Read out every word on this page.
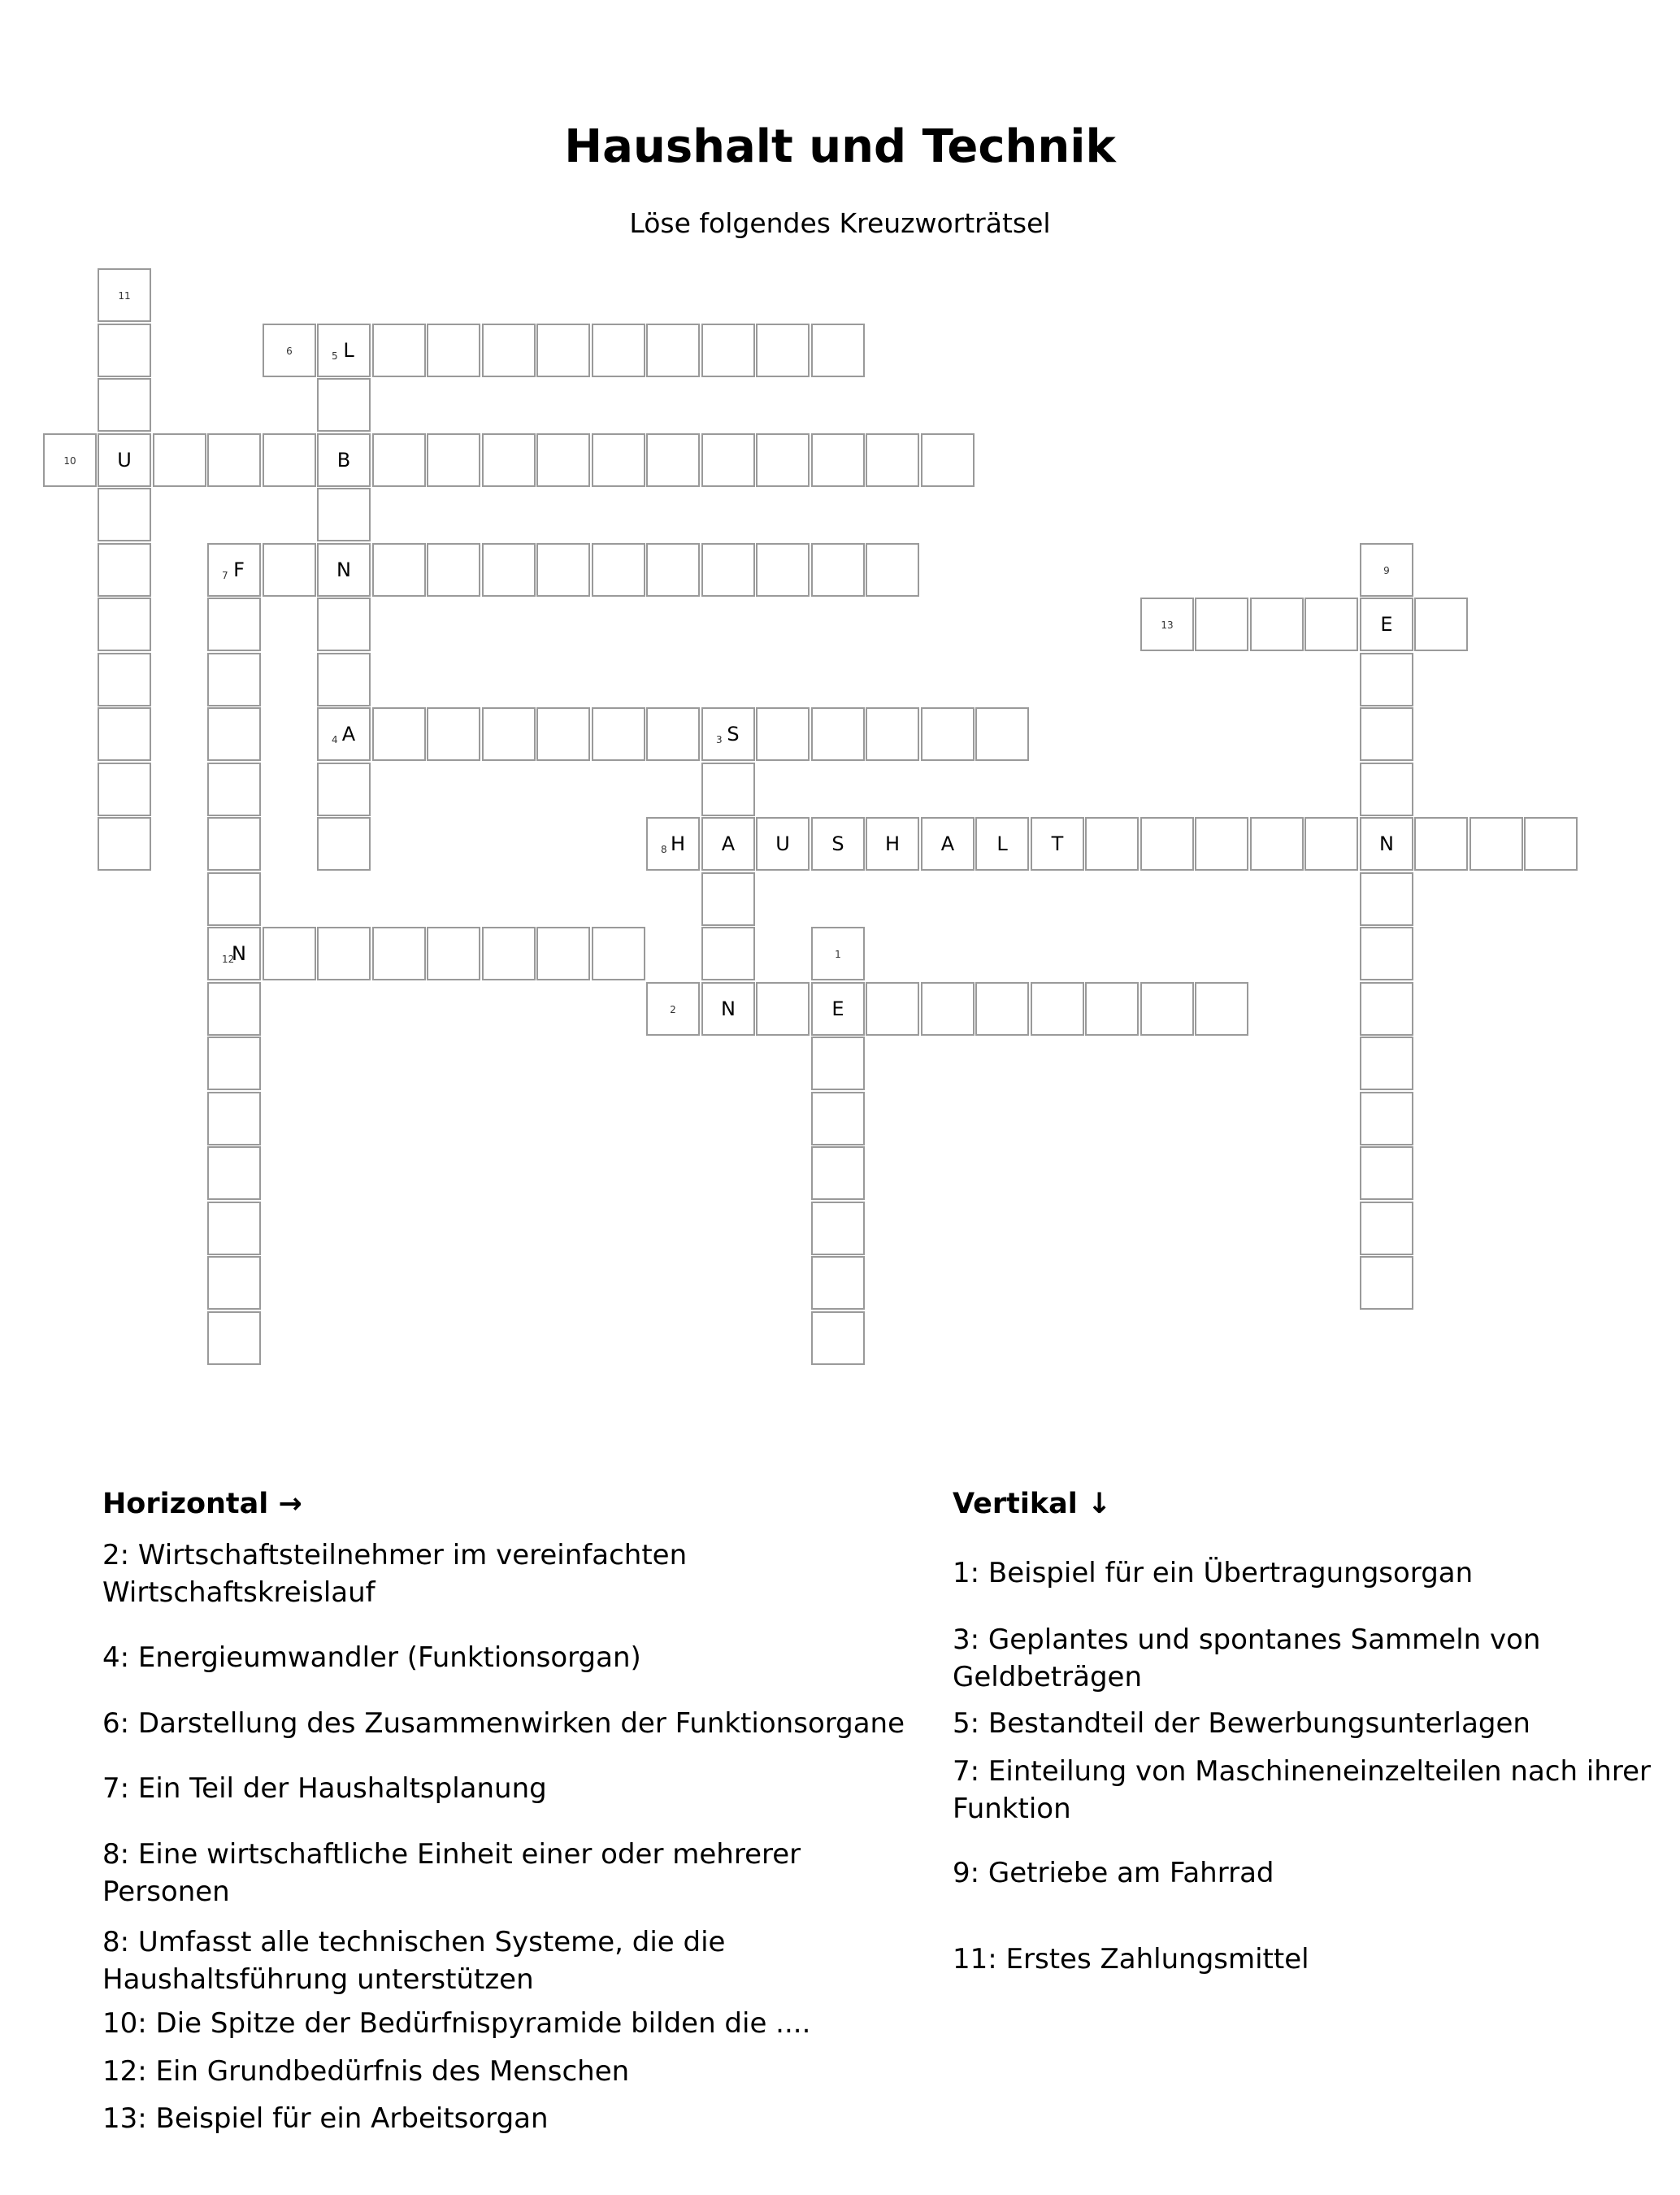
Haushalt und Technik

Löse folgendes Kreuzworträtsel

6	5 L
10	U	B
7 F	N
13	E
4 A	3 S
8 H	A	U	S	H	A	L	T	N
12
N
2	N	E
11
1
9
Horizontal →	Vertikal ↓

2: Wirtschaftsteilnehmer im vereinfachten Wirtschaftskreislauf

4: Energieumwandler (Funktionsorgan)

6: Darstellung des Zusammenwirken der Funktionsorgane

7: Ein Teil der Haushaltsplanung

8: Eine wirtschaftliche Einheit einer oder mehrerer Personen

8: Umfasst alle technischen Systeme, die die Haushaltsführung unterstützen

10: Die Spitze der Bedürfnispyramide bilden die ....

12: Ein Grundbedürfnis des Menschen

13: Beispiel für ein Arbeitsorgan

1: Beispiel für ein Übertragungsorgan

3: Geplantes und spontanes Sammeln von Geldbeträgen

5: Bestandteil der Bewerbungsunterlagen

7: Einteilung von Maschineneinzelteilen nach ihrer Funktion

9: Getriebe am Fahrrad

11: Erstes Zahlungsmittel
